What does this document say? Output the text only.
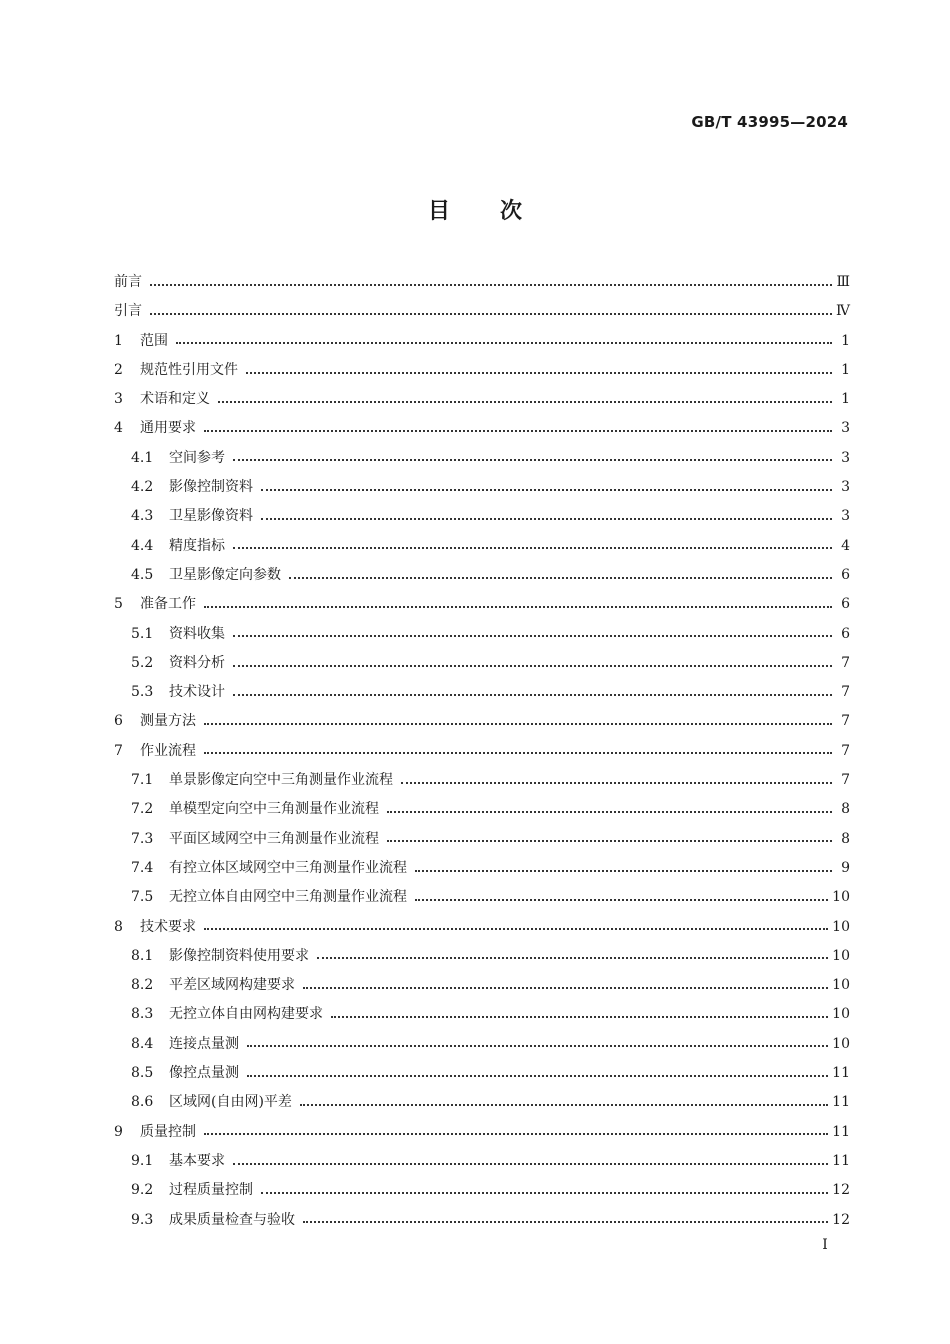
GB/T 43995—2024
目次
前言	Ⅲ
引言	Ⅳ
1	范围	1
2	规范性引用文件	1
3	术语和定义	1
4	通用要求	3
4.1	空间参考	3
4.2	影像控制资料	3
4.3	卫星影像资料	3
4.4	精度指标	4
4.5	卫星影像定向参数	6
5	准备工作	6
5.1	资料收集	6
5.2	资料分析	7
5.3	技术设计	7
6	测量方法	7
7	作业流程	7
7.1	单景影像定向空中三角测量作业流程	7
7.2	单模型定向空中三角测量作业流程	8
7.3	平面区域网空中三角测量作业流程	8
7.4	有控立体区域网空中三角测量作业流程	9
7.5	无控立体自由网空中三角测量作业流程	10
8	技术要求	10
8.1	影像控制资料使用要求	10
8.2	平差区域网构建要求	10
8.3	无控立体自由网构建要求	10
8.4	连接点量测	10
8.5	像控点量测	11
8.6	区域网(自由网)平差	11
9	质量控制	11
9.1	基本要求	11
9.2	过程质量控制	12
9.3	成果质量检查与验收	12
I
